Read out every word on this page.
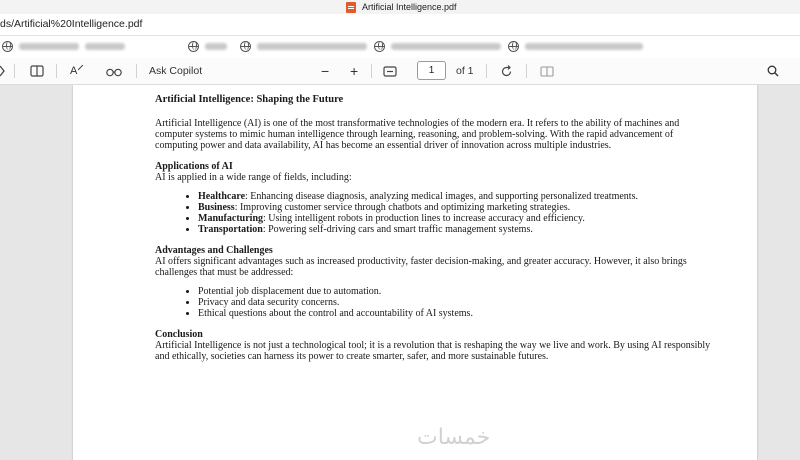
Artificial Intelligence.pdf
ds/Artificial%20Intelligence.pdf
A	Ask Copilot	− +	1 of 1
Artificial Intelligence: Shaping the Future

Artificial Intelligence (AI) is one of the most transformative technologies of the modern era. It refers to the ability of machines and computer systems to mimic human intelligence through learning, reasoning, and problem-solving. With the rapid advancement of computing power and data availability, AI has become an essential driver of innovation across multiple industries.

Applications of AI

AI is applied in a wide range of fields, including:

• Healthcare: Enhancing disease diagnosis, analyzing medical images, and supporting personalized treatments.
• Business: Improving customer service through chatbots and optimizing marketing strategies.
• Manufacturing: Using intelligent robots in production lines to increase accuracy and efficiency.
• Transportation: Powering self-driving cars and smart traffic management systems.
Advantages and Challenges

AI offers significant advantages such as increased productivity, faster decision-making, and greater accuracy. However, it also brings challenges that must be addressed:

• Potential job displacement due to automation.
• Privacy and data security concerns.
• Ethical questions about the control and accountability of AI systems.
Conclusion

Artificial Intelligence is not just a technological tool; it is a revolution that is reshaping the way we live and work. By using AI responsibly and ethically, societies can harness its power to create smarter, safer, and more sustainable futures.

خمسات
